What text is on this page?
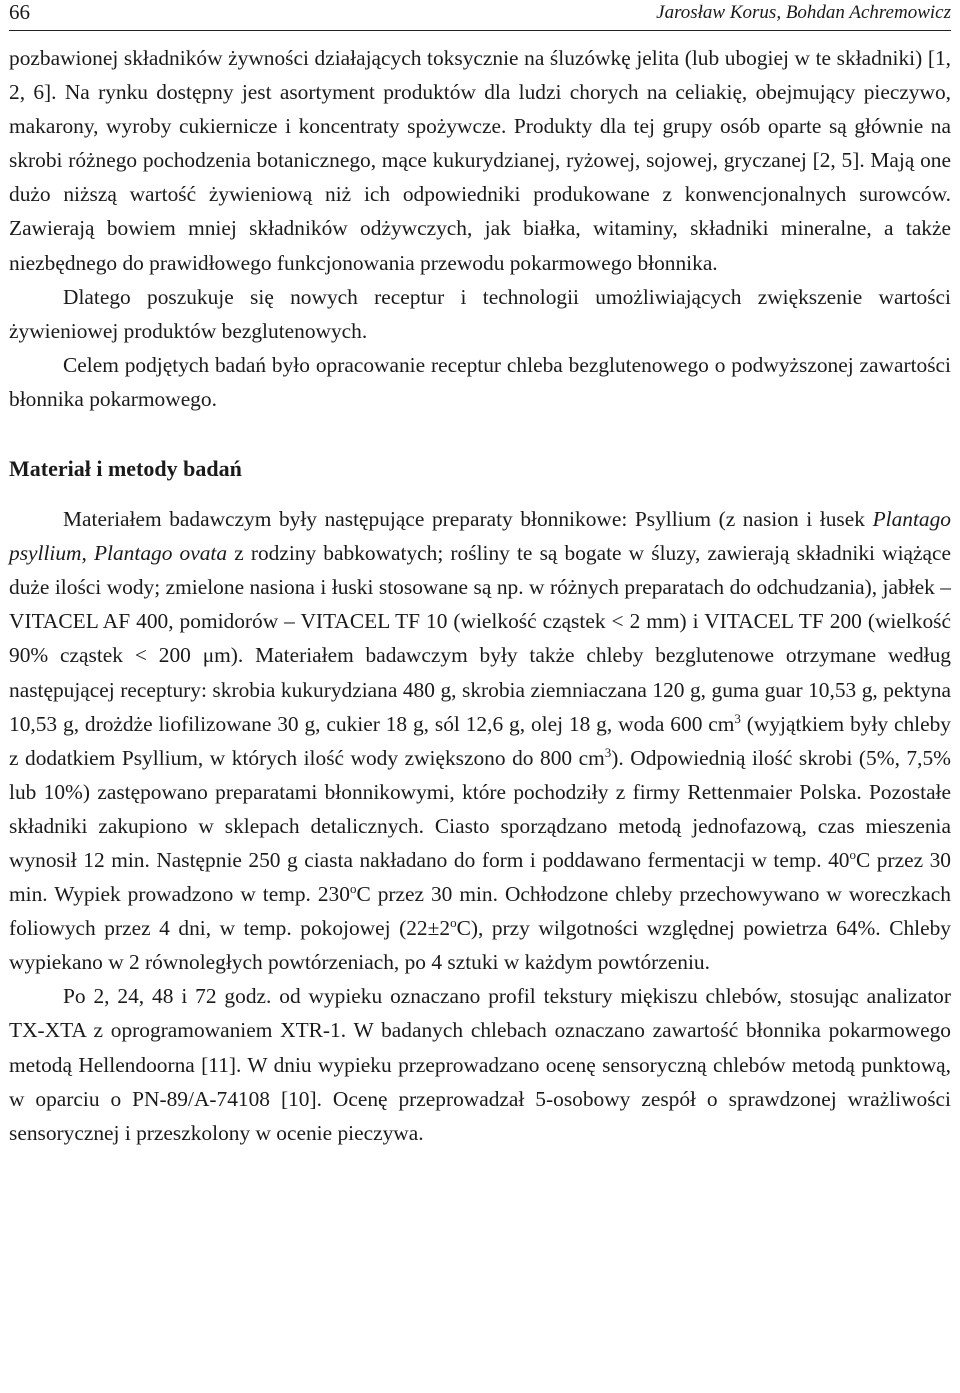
66	Jarosław Korus, Bohdan Achremowicz

pozbawionej składników żywności działających toksycznie na śluzówkę jelita (lub ubogiej w te składniki) [1, 2, 6]. Na rynku dostępny jest asortyment produktów dla ludzi chorych na celiakię, obejmujący pieczywo, makarony, wyroby cukiernicze i koncentraty spożywcze. Produkty dla tej grupy osób oparte są głównie na skrobi różnego pochodzenia botanicznego, mące kukurydzianej, ryżowej, sojowej, gryczanej [2, 5]. Mają one dużo niższą wartość żywieniową niż ich odpowiedniki produkowane z konwencjonalnych surowców. Zawierają bowiem mniej składników odżywczych, jak białka, witaminy, składniki mineralne, a także niezbędnego do prawidłowego funkcjonowania przewodu pokarmowego błonnika.

Dlatego poszukuje się nowych receptur i technologii umożliwiających zwiększenie wartości żywieniowej produktów bezglutenowych.

Celem podjętych badań było opracowanie receptur chleba bezglutenowego o podwyższonej zawartości błonnika pokarmowego.

Materiał i metody badań

Materiałem badawczym były następujące preparaty błonnikowe: Psyllium (z nasion i łusek Plantago psyllium, Plantago ovata z rodziny babkowatych; rośliny te są bogate w śluzy, zawierają składniki wiążące duże ilości wody; zmielone nasiona i łuski stosowane są np. w różnych preparatach do odchudzania), jabłek – VITACEL AF 400, pomidorów – VITACEL TF 10 (wielkość cząstek < 2 mm) i VITACEL TF 200 (wielkość 90% cząstek < 200 μm). Materiałem badawczym były także chleby bezglutenowe otrzymane według następującej receptury: skrobia kukurydziana 480 g, skrobia ziemniaczana 120 g, guma guar 10,53 g, pektyna 10,53 g, drożdże liofilizowane 30 g, cukier 18 g, sól 12,6 g, olej 18 g, woda 600 $cm^3$ (wyjątkiem były chleby z dodatkiem Psyllium, w których ilość wody zwiększono do 800 $cm^3$). Odpowiednią ilość skrobi (5%, 7,5% lub 10%) zastępowano preparatami błonnikowymi, które pochodziły z firmy Rettenmaier Polska. Pozostałe składniki zakupiono w sklepach detalicznych. Ciasto sporządzano metodą jednofazową, czas mieszenia wynosił 12 min. Następnie 250 g ciasta nakładano do form i poddawano fermentacji w temp. 40$^o$C przez 30 min. Wypiek prowadzono w temp. 230$^o$C przez 30 min. Ochłodzone chleby przechowywano w woreczkach foliowych przez 4 dni, w temp. pokojowej $(22\pm 2^oC)$, przy wilgotności względnej powietrza 64%. Chleby wypiekano w 2 równoległych powtórzeniach, po 4 sztuki w każdym powtórzeniu.

Po 2, 24, 48 i 72 godz. od wypieku oznaczano profil tekstury miękiszu chlebów, stosując analizator TX-XTA z oprogramowaniem XTR-1. W badanych chlebach oznaczano zawartość błonnika pokarmowego metodą Hellendoorna [11]. W dniu wypieku przeprowadzano ocenę sensoryczną chlebów metodą punktową, w oparciu o PN-89/A-74108 [10]. Ocenę przeprowadzał 5-osobowy zespół o sprawdzonej wrażliwości sensorycznej i przeszkolony w ocenie pieczywa.
